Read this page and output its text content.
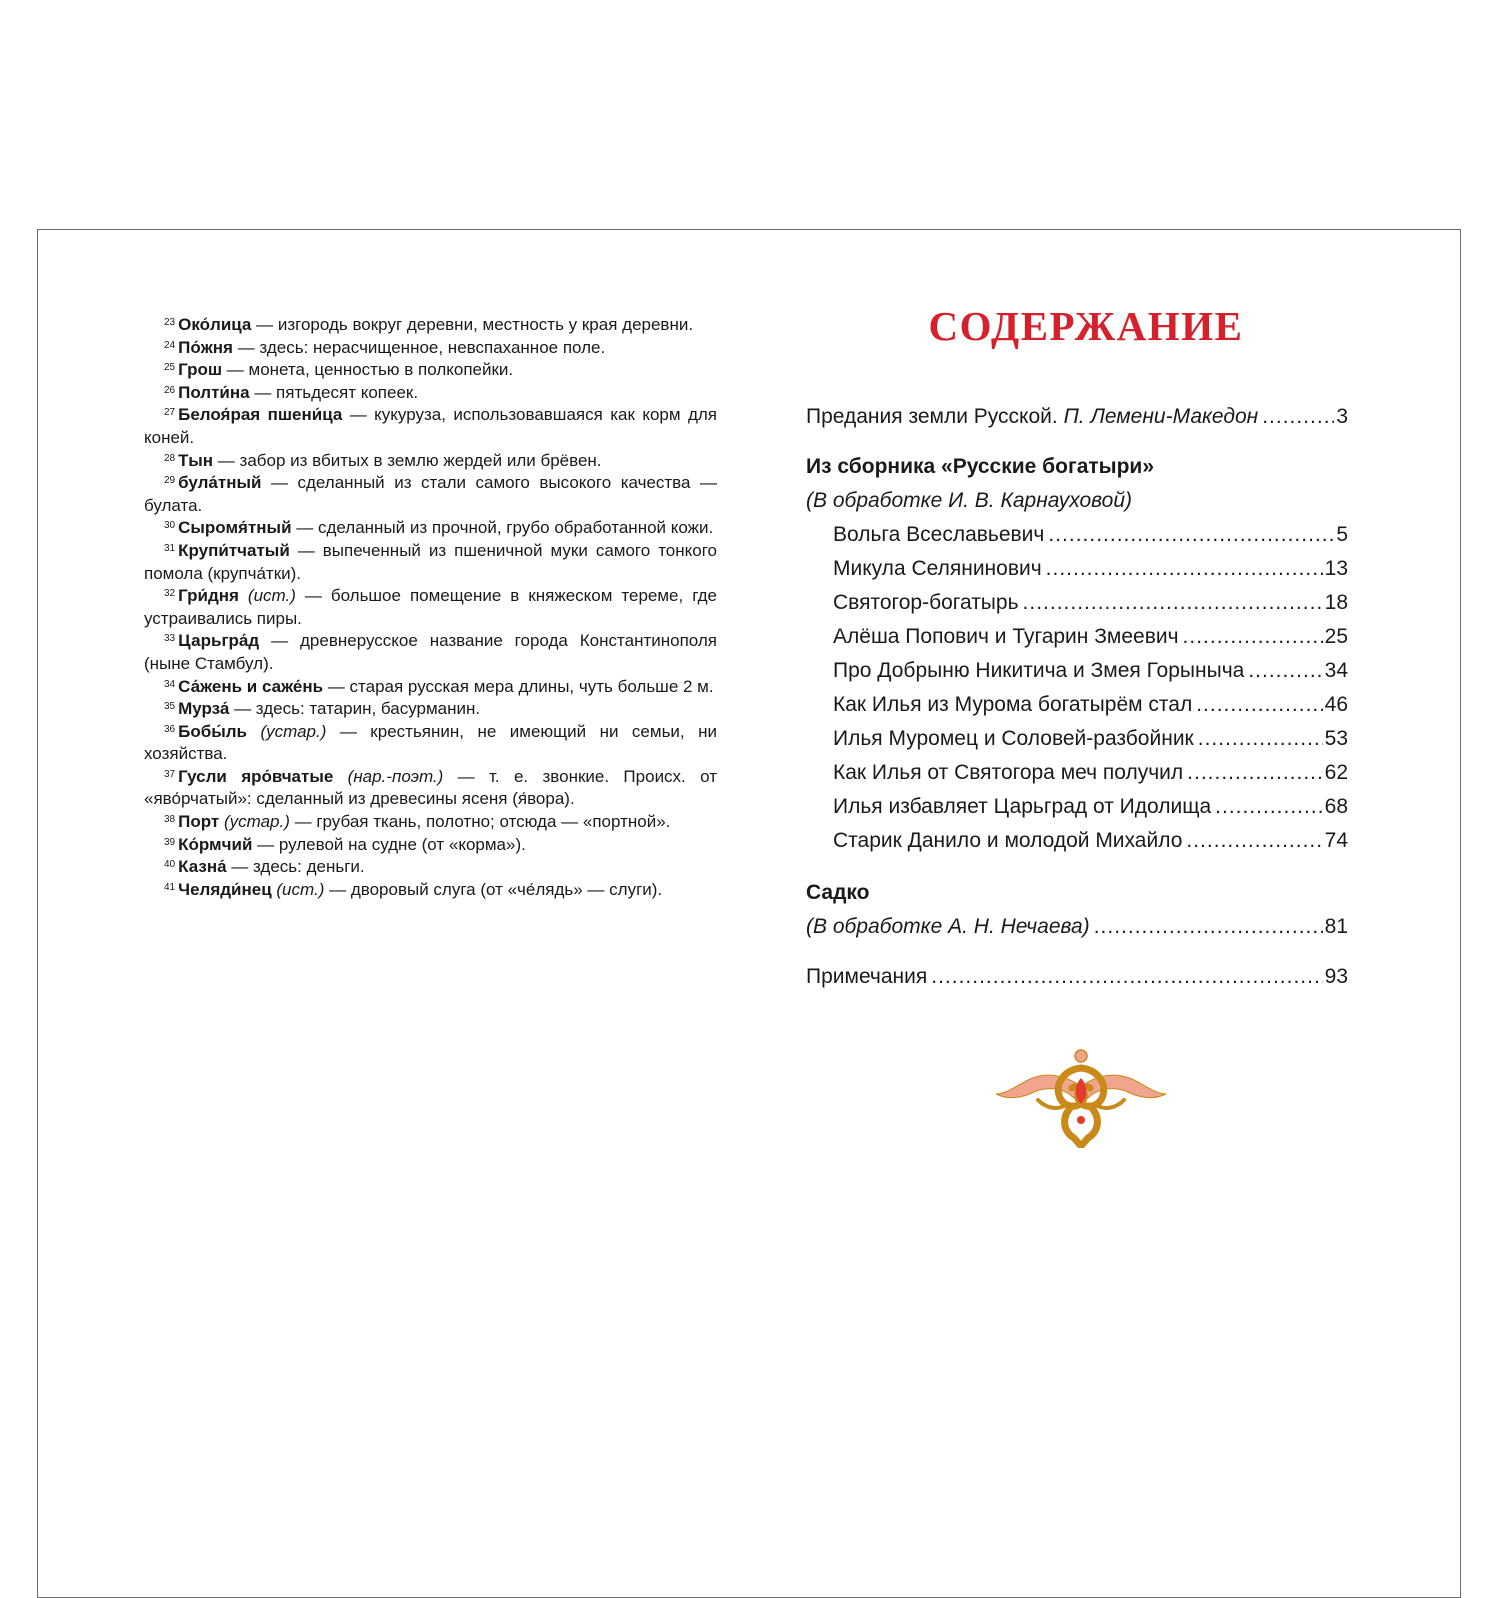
$^{23}$ Око́лица — изгородь вокруг деревни, местность у края деревни.

$^{24}$ По́жня — здесь: нерасчищенное, невспаханное поле.

$^{25}$ Грош — монета, ценностью в полкопейки.

$^{26}$ Полти́на — пятьдесят копеек.

$^{27}$ Белоя́рая пшени́ца — кукуруза, использовавшаяся как корм для коней.

$^{28}$ Тын — забор из вбитых в землю жердей или брёвен.

$^{29}$ була́тный — сделанный из стали самого высокого качества — булата.

$^{30}$ Сыромя́тный — сделанный из прочной, грубо обработанной кожи.

$^{31}$ Крупи́тчатый — выпеченный из пшеничной муки самого тонкого помола (крупча́тки).

$^{32}$ Гри́дня (ист.) — большое помещение в княжеском тереме, где устраивались пиры.

$^{33}$ Царьгра́д — древнерусское название города Константинополя (ныне Стамбул).

$^{34}$ Са́жень и саже́нь — старая русская мера длины, чуть больше 2 м.

$^{35}$ Мурза́ — здесь: татарин, басурманин.

$^{36}$ Бобы́ль (устар.) — крестьянин, не имеющий ни семьи, ни хозяйства.

$^{37}$ Гусли яро́вчатые (нар.-поэт.) — т. е. звонкие. Происх. от «яво́рчатый»: сделанный из древесины ясеня (я́вора).

$^{38}$ Порт (устар.) — грубая ткань, полотно; отсюда — «портной».

$^{39}$ Ко́рмчий — рулевой на судне (от «корма»).

$^{40}$ Казна́ — здесь: деньги.

$^{41}$ Челяди́нец (ист.) — дворовый слуга (от «че́лядь» — слуги).

СОДЕРЖАНИЕ
Предания земли Русской. П. Лемени-Македон .....	3
Из сборника «Русские богатыри»
(В обработке И. В. Карнауховой)
Вольга Всеславьевич .....	5
Микула Селянинович .....	13
Святогор-богатырь .....	18
Алёша Попович и Тугарин Змеевич .....	25
Про Добрыню Никитича и Змея Горыныча .....	34
Как Илья из Мурома богатырём стал .....	46
Илья Муромец и Соловей-разбойник .....	53
Как Илья от Святогора меч получил .....	62
Илья избавляет Царьград от Идолища .....	68
Старик Данило и молодой Михайло .....	74
Садко
(В обработке А. Н. Нечаева) .....	81
Примечания .....	93
